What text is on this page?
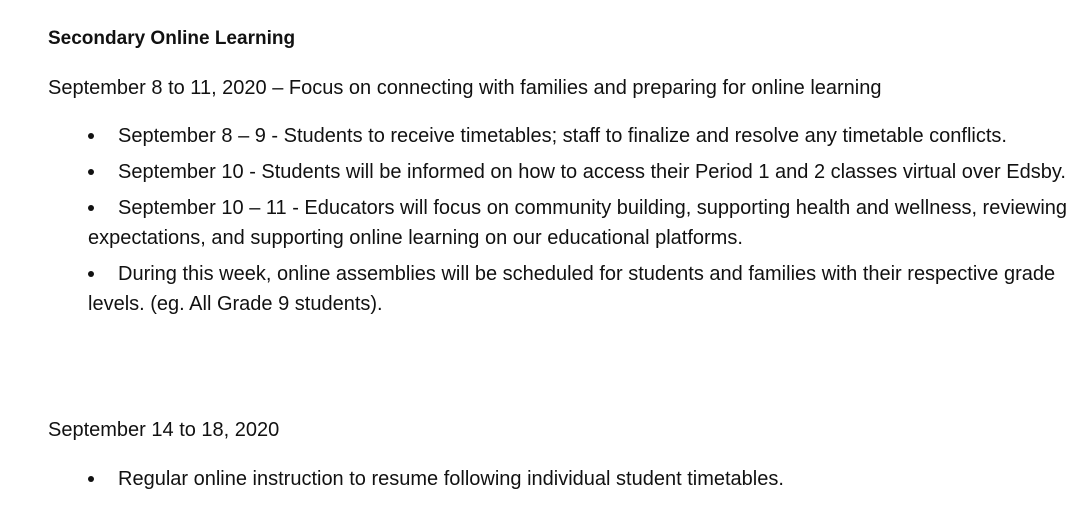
Secondary Online Learning
September 8 to 11, 2020 – Focus on connecting with families and preparing for online learning
September 8 – 9 - Students to receive timetables; staff to finalize and resolve any timetable conflicts.
September 10 - Students will be informed on how to access their Period 1 and 2 classes virtual over Edsby.
September 10 – 11 - Educators will focus on community building, supporting health and wellness, reviewing expectations, and supporting online learning on our educational platforms.
During this week, online assemblies will be scheduled for students and families with their respective grade levels. (eg. All Grade 9 students).
September 14 to 18, 2020
Regular online instruction to resume following individual student timetables.
